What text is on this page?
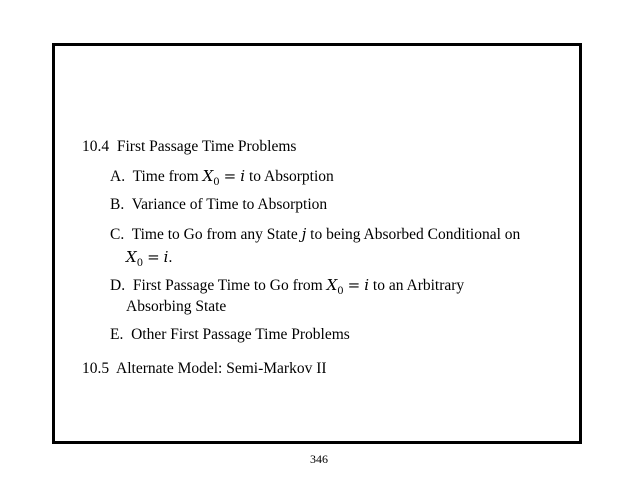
10.4 First Passage Time Problems
A. Time from $X_0 = i$ to Absorption
B. Variance of Time to Absorption
C. Time to Go from any State j to being Absorbed Conditional on
$X_0 = i$.
D. First Passage Time to Go from $X_0 = i$ to an Arbitrary
Absorbing State
E. Other First Passage Time Problems
10.5 Alternate Model: Semi-Markov II
346
